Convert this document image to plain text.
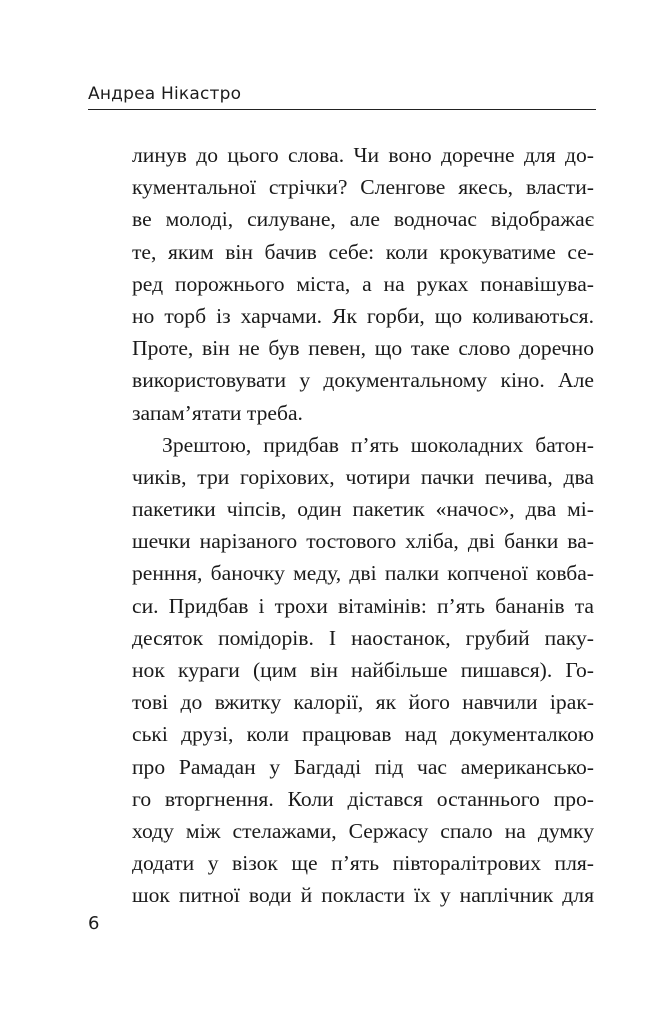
Андреа Нікастро
линув до цього слова. Чи воно доречне для до-
кументальної стрічки? Сленгове якесь, власти-
ве молоді, силуване, але водночас відображає
те, яким він бачив себе: коли крокуватиме се-
ред порожнього міста, а на руках понавішува-
но торб із харчами. Як горби, що коливаються.
Проте, він не був певен, що таке слово доречно
використовувати у документальному кіно. Але
запам’ятати треба.
Зрештою, придбав п’ять шоколадних батон-
чиків, три горіхових, чотири пачки печива, два
пакетики чіпсів, один пакетик «начос», два мі-
шечки нарізаного тостового хліба, дві банки ва-
ренння, баночку меду, дві палки копченої ковба-
си. Придбав і трохи вітамінів: п’ять бананів та
десяток помідорів. І наостанок, грубий паку-
нок кураги (цим він найбільше пишався). Го-
тові до вжитку калорії, як його навчили ірак-
ські друзі, коли працював над документалкою
про Рамадан у Багдаді під час американсько-
го вторгнення. Коли дістався останнього про-
ходу між стелажами, Сержасу спало на думку
додати у візок ще п’ять півторалітрових пля-
шок питної води й покласти їх у наплічник для
6
